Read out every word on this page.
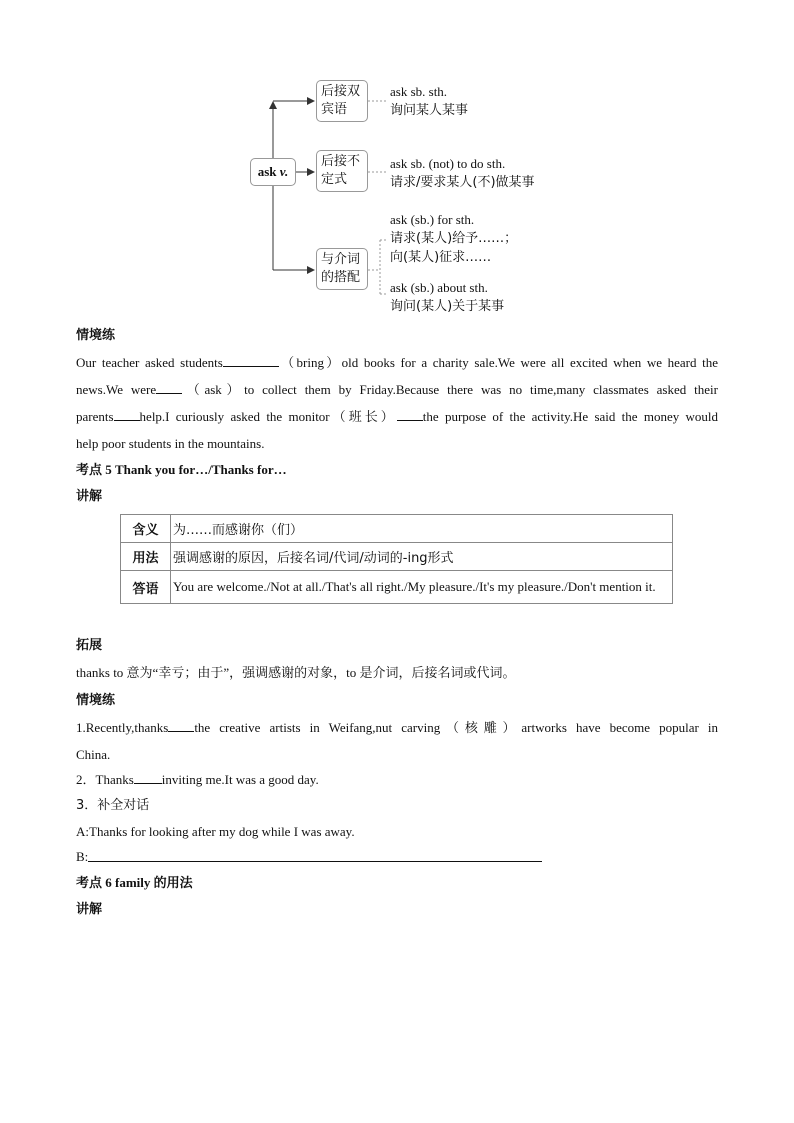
ask
v.
后接双
宾语
后接不
定式
与介词
的搭配
ask sb. sth.
询问某人某事
ask sb. (not) to do sth.
请求/要求某人(不)做某事
ask (sb.) for sth.
请求(某人)给予……；
向(某人)征求……
ask (sb.) about sth.
询问(某人)关于某事
情境练
Our teacher asked students	（bring）old books for a charity sale.We were all excited when we heard the
news.We were （ask）to collect them by Friday.Because there was no time,many classmates asked their
parents help.I curiously asked the monitor（班长） the purpose of the activity.He said the money would
help poor students in the mountains.
考点 5 Thank you for…/Thanks for…
讲解
含义	为……而感谢你（们）
用法	强调感谢的原因，后接名词/代词/动词的-ing形式
答语	You are welcome./Not at all./That's all right./My pleasure./It's my pleasure./Don't mention it.
拓展
thanks to 意为“幸亏；由于”，强调感谢的对象，to 是介词，后接名词或代词。
情境练
1.Recently,thanks the creative artists in Weifang,nut carving（核雕）artworks have become popular in
China.
2．Thanks inviting me.It was a good day.
3．补全对话
A:Thanks for looking after my dog while I was away.
B:
考点 6 family 的用法
讲解
